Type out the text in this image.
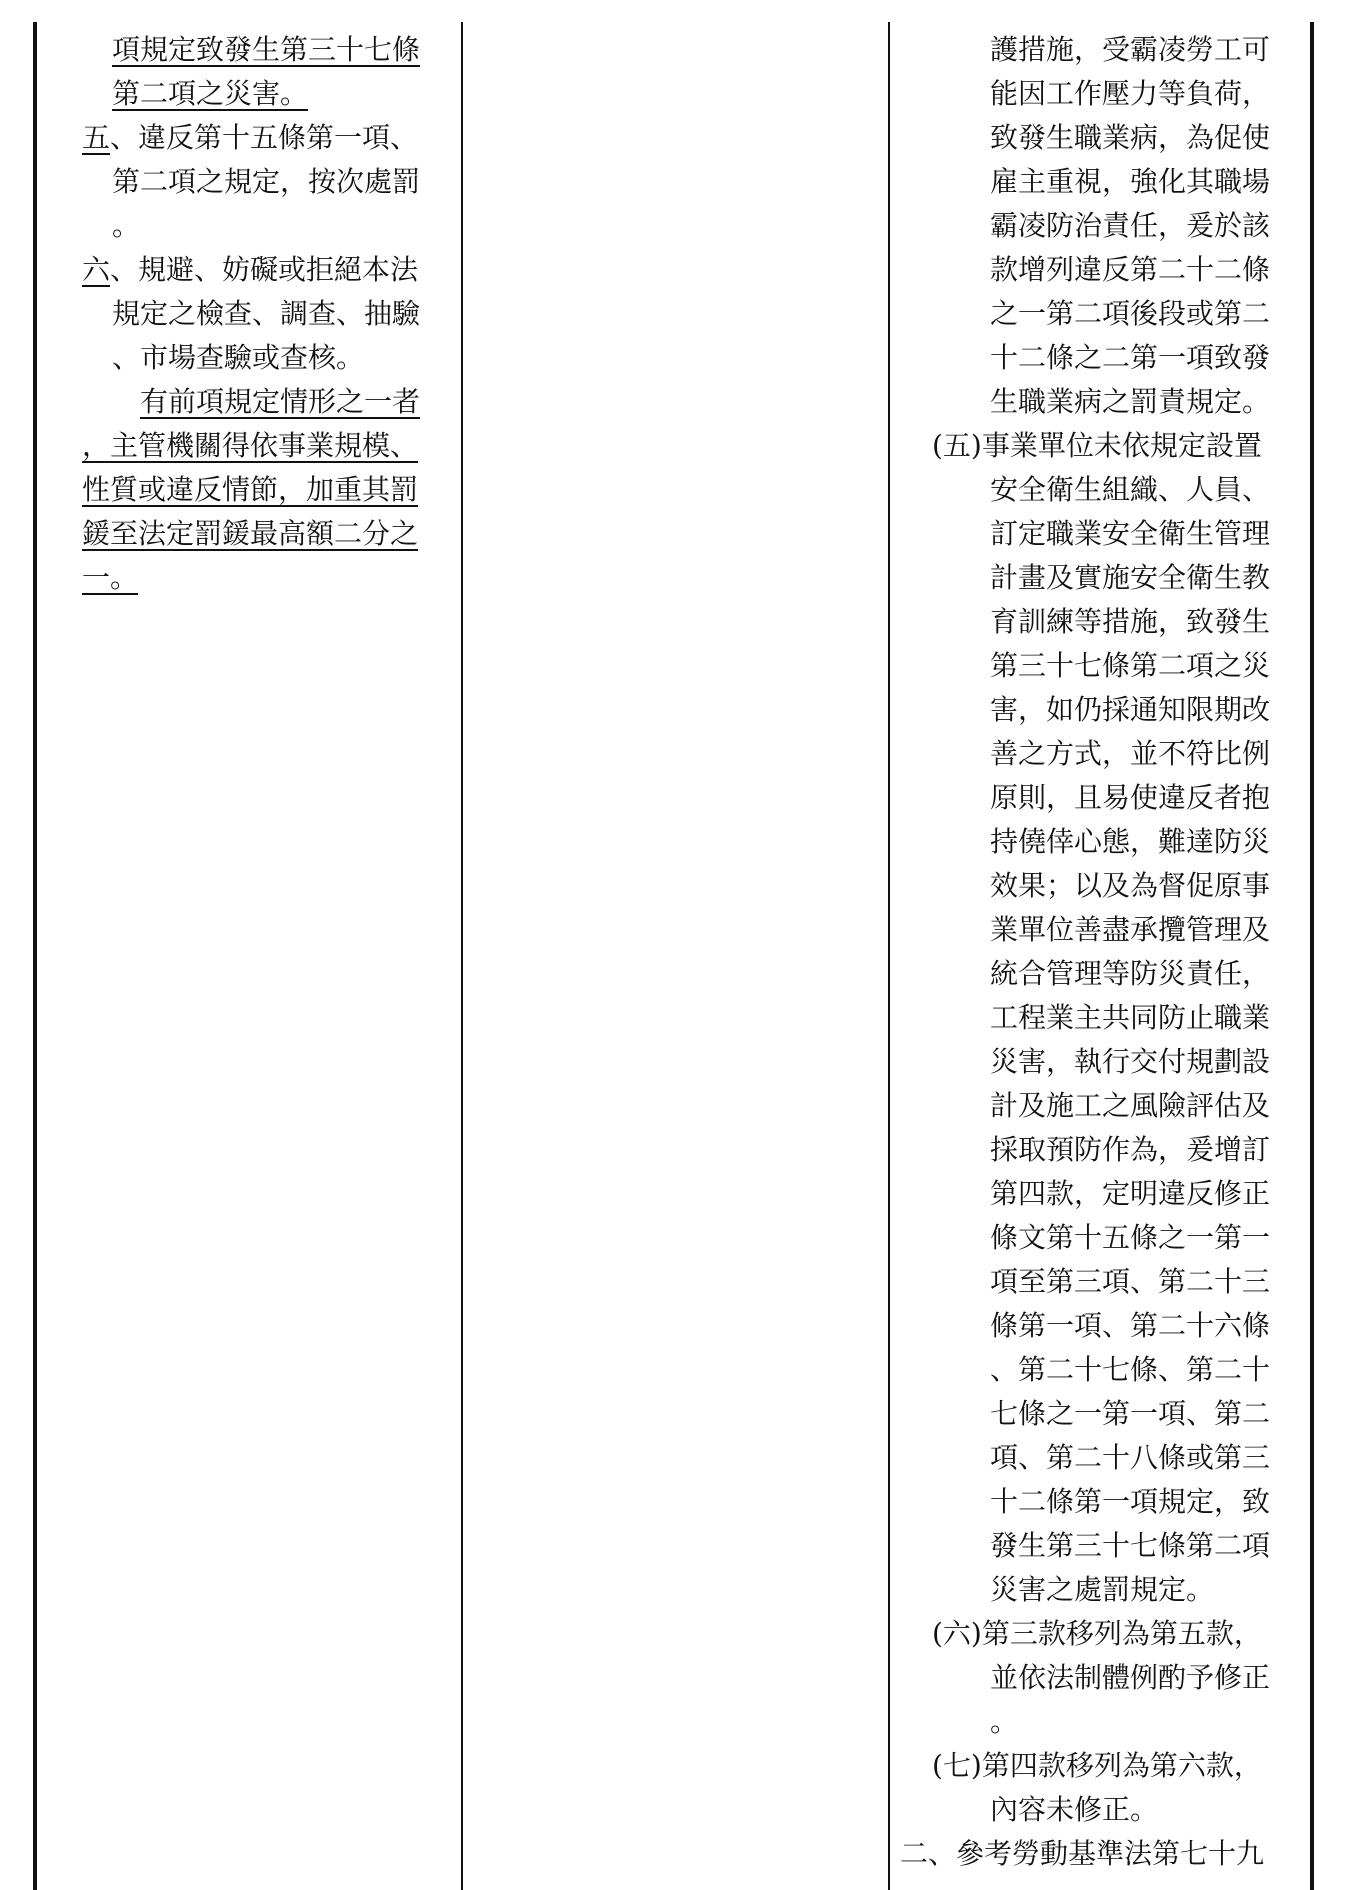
項規定致發生第三十七條
第二項之災害。
五、違反第十五條第一項、
第二項之規定，按次處罰
。
六、規避、妨礙或拒絕本法
規定之檢查、調查、抽驗
、市場查驗或查核。
有前項規定情形之一者
，主管機關得依事業規模、
性質或違反情節，加重其罰
鍰至法定罰鍰最高額二分之
一。
護措施，受霸凌勞工可
能因工作壓力等負荷，
致發生職業病，為促使
雇主重視，強化其職場
霸凌防治責任，爰於該
款增列違反第二十二條
之一第二項後段或第二
十二條之二第一項致發
生職業病之罰責規定。
(五)事業單位未依規定設置
安全衛生組織、人員、
訂定職業安全衛生管理
計畫及實施安全衛生教
育訓練等措施，致發生
第三十七條第二項之災
害，如仍採通知限期改
善之方式，並不符比例
原則，且易使違反者抱
持僥倖心態，難達防災
效果；以及為督促原事
業單位善盡承攬管理及
統合管理等防災責任，
工程業主共同防止職業
災害，執行交付規劃設
計及施工之風險評估及
採取預防作為，爰增訂
第四款，定明違反修正
條文第十五條之一第一
項至第三項、第二十三
條第一項、第二十六條
、第二十七條、第二十
七條之一第一項、第二
項、第二十八條或第三
十二條第一項規定，致
發生第三十七條第二項
災害之處罰規定。
(六)第三款移列為第五款，
並依法制體例酌予修正
。
(七)第四款移列為第六款，
內容未修正。
二、參考勞動基準法第七十九
